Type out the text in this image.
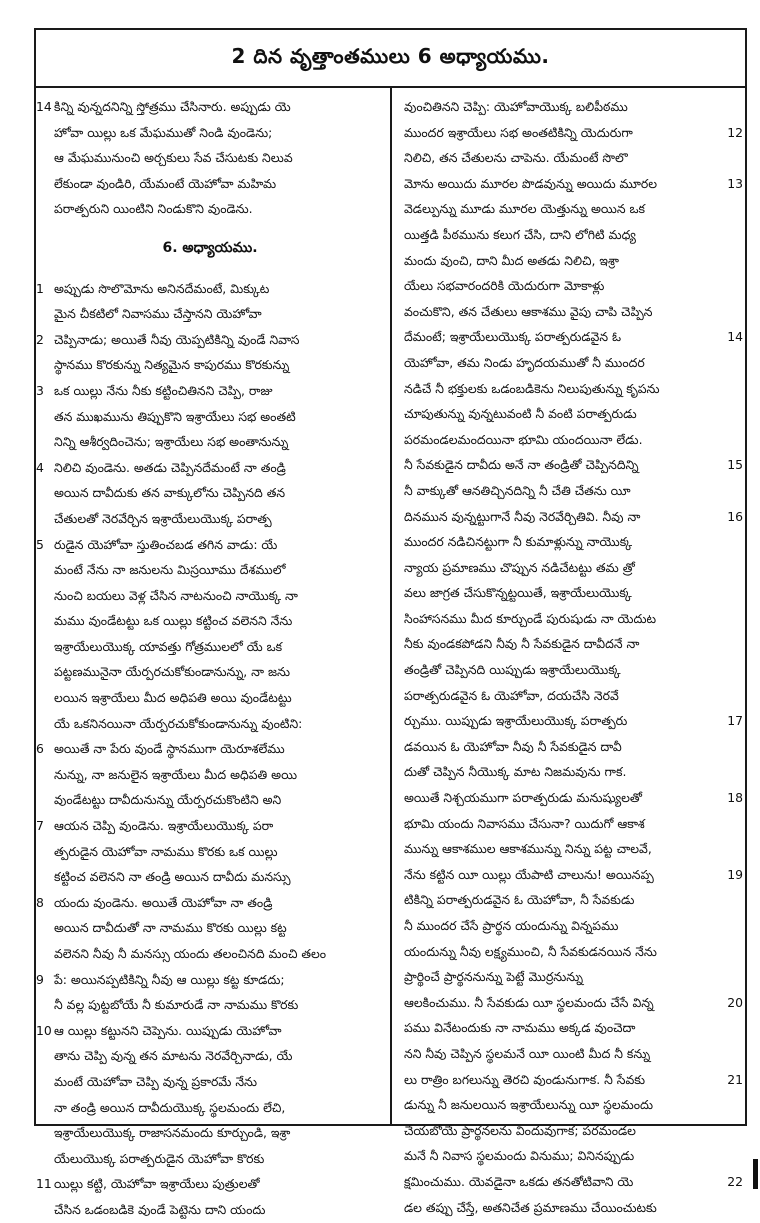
2 దిన వృత్తాంతములు 6 అధ్యాయము.
14 కిన్ని వున్నదనిన్ని స్తోత్రము చేసినారు. అప్పుడు యె
హోవా యిల్లు ఒక మేఘముతో నిండి వుండెను;
ఆ మేఘమునుంచి అర్చకులు సేవ చేసుటకు నిలువ
లేకుండా వుండిరి, యేమంటే యెహోవా మహిమ
పరాత్పరుని యింటిని నిండుకొని వుండెను.
6. అధ్యాయము.
1 అప్పుడు సొలొమోను అనినదేమంటే, మిక్కుట
మైన చీకటిలో నివాసము చేస్తానని యెహోవా
2 చెప్పినాడు; అయితే నీవు యెప్పటికిన్ని వుండే నివాస
స్థానము కొరకున్ను నిత్యమైన కాపురము కొరకున్ను
3 ఒక యిల్లు నేను నీకు కట్టించితినని చెప్పి, రాజు
తన ముఖమును తిప్పుకొని ఇశ్రాయేలు సభ అంతటి
నిన్ని ఆశీర్వదించెను; ఇశ్రాయేలు సభ అంతానున్ను
4 నిలిచి వుండెను. అతడు చెప్పినదేమంటే నా తండ్రి
అయిన దావీదుకు తన వాక్కులోను చెప్పినది తన
చేతులతో నెరవేర్చిన ఇశ్రాయేలుయొక్క పరాత్ప
5 రుడైన యెహోవా స్తుతించబడ తగిన వాడు: యే
మంటే నేను నా జనులను మిస్రయీము దేశములో
నుంచి బయలు వెళ్ల చేసిన నాటనుంచి నాయొక్క నా
మము వుండేటట్టు ఒక యిల్లు కట్టించ వలెనని నేను
ఇశ్రాయేలుయొక్క యావత్తు గోత్రములలో యే ఒక
పట్టణమునైనా యేర్పరచుకోకుండానున్ను, నా జను
లయిన ఇశ్రాయేలు మీద అధిపతి అయి వుండేటట్టు
యే ఒకనినయినా యేర్పరచుకోకుండానున్ను వుంటిని:
6 అయితే నా పేరు వుండే స్థానముగా యెరూశలేము
నున్ను, నా జనులైన ఇశ్రాయేలు మీద అధిపతి అయి
వుండేటట్టు దావీదునున్ను యేర్పరచుకొంటిని అని
7 ఆయన చెప్పి వుండెను. ఇశ్రాయేలుయొక్క పరా
త్పరుడైన యెహోవా నామము కొరకు ఒక యిల్లు
కట్టించ వలెనని నా తండ్రి అయిన దావీదు మనస్సు
8 యందు వుండెను. అయితే యెహోవా నా తండ్రి
అయిన దావీదుతో నా నామము కొరకు యిల్లు కట్ట
వలెనని నీవు నీ మనస్సు యందు తలంచినది మంచి తలం
9 పే: అయినప్పటికిన్ని నీవు ఆ యిల్లు కట్ట కూడదు;
నీ వల్ల పుట్టబోయే నీ కుమారుడే నా నామము కొరకు
10 ఆ యిల్లు కట్టునని చెప్పెను. యిప్పుడు యెహోవా
తాను చెప్పి వున్న తన మాటను నెరవేర్చినాడు, యే
మంటే యెహోవా చెప్పి వున్న ప్రకారమే నేను
నా తండ్రి అయిన దావీదుయొక్క స్థలమందు లేచి,
ఇశ్రాయేలుయొక్క రాజాసనమందు కూర్చుండి, ఇశ్రా
యేలుయొక్క పరాత్పరుడైన యెహోవా కొరకు
11 యిల్లు కట్టి, యెహోవా ఇశ్రాయేలు పుత్రులతో
చేసిన ఒడంబడికె వుండే పెట్టెను దాని యందు
వుంచితినని చెప్పి: యెహోవాయొక్క బలిపీఠము
12
ముందర ఇశ్రాయేలు సభ అంతటికిన్ని యెదురుగా
నిలిచి, తన చేతులను చాపెను. యేమంటే సొలొ
13
మోను అయిదు మూరల పొడవున్ను అయిదు మూరల
వెడల్పున్ను మూడు మూరల యెత్తున్ను అయిన ఒక
యిత్తడి పీఠమును కలుగ చేసి, దాని లోగిటి మధ్య
మందు వుంచి, దాని మీద అతడు నిలిచి, ఇశ్రా
యేలు సభవారందరికి యెదురుగా మోకాళ్లు
వంచుకొని, తన చేతులు ఆకాశము వైపు చాపి చెప్పిన
14
దేమంటే; ఇశ్రాయేలుయొక్క పరాత్పరుడవైన ఓ
యెహోవా, తమ నిండు హృదయముతో నీ ముందర
నడిచే నీ భక్తులకు ఒడంబడికెను నిలుపుతున్ను కృపను
చూపుతున్ను వున్నటువంటి నీ వంటి పరాత్పరుడు
పరమండలమందయినా భూమి యందయినా లేడు.
15
నీ సేవకుడైన దావీదు అనే నా తండ్రితో చెప్పినదిన్ని
నీ వాక్కుతో ఆనతిచ్చినదిన్ని నీ చేతి చేతను యీ
16
దినమున వున్నట్టుగానే నీవు నెరవేర్చితివి. నీవు నా
ముందర నడిచినట్టుగా నీ కుమాళ్లున్ను నాయొక్క
న్యాయ ప్రమాణము చొప్పున నడిచేటట్టు తమ త్రో
వలు జాగ్రత చేసుకొన్నట్టయితే, ఇశ్రాయేలుయొక్క
సింహాసనము మీద కూర్చుండే పురుషుడు నా యెదుట
నీకు వుండకపోడని నీవు నీ సేవకుడైన దావీదనే నా
తండ్రితో చెప్పినది యిప్పుడు ఇశ్రాయేలుయొక్క
పరాత్పరుడవైన ఓ యెహోవా, దయచేసి నెరవే
17
ర్చుము. యిప్పుడు ఇశ్రాయేలుయొక్క పరాత్పరు
డవయిన ఓ యెహోవా నీవు నీ సేవకుడైన దావీ
దుతో చెప్పిన నీయొక్క మాట నిజమవును గాక.
18
అయితే నిశ్చయముగా పరాత్పరుడు మనుష్యులతో
భూమి యందు నివాసము చేసునా? యిదుగో ఆకాశ
మున్ను ఆకాశముల ఆకాశమున్ను నిన్ను పట్ట చాలవే,
19
నేను కట్టిన యీ యిల్లు యేపాటి చాలును! అయినప్ప
టికిన్ని పరాత్పరుడవైన ఓ యెహోవా, నీ సేవకుడు
నీ ముందర చేసే ప్రార్థన యందున్ను విన్నపము
యందున్ను నీవు లక్ష్యముంచి, నీ సేవకుడనయిన నేను
ప్రార్థించే ప్రార్థననున్ను పెట్టే మొర్రనున్ను
20
ఆలకించుము. నీ సేవకుడు యీ స్థలమందు చేసే విన్న
పము వినేటందుకు నా నామము అక్కడ వుంచెదా
నని నీవు చెప్పిన స్థలమనే యీ యింటి మీద నీ కన్ను
21
లు రాత్రిం బగలున్ను తెరచి వుండునుగాక. నీ సేవకు
డున్ను నీ జనులయిన ఇశ్రాయేలున్ను యీ స్థలమందు
చేయబోయే ప్రార్థనలను విందువుగాక; పరమండల
మనే నీ నివాస స్థలమందు వినుము; వినినప్పుడు
22
క్షమించుము. యెవడైనా ఒకడు తనతోటివాని యె
డల తప్పు చేస్తే, అతనిచేత ప్రమాణము చేయించుటకు
